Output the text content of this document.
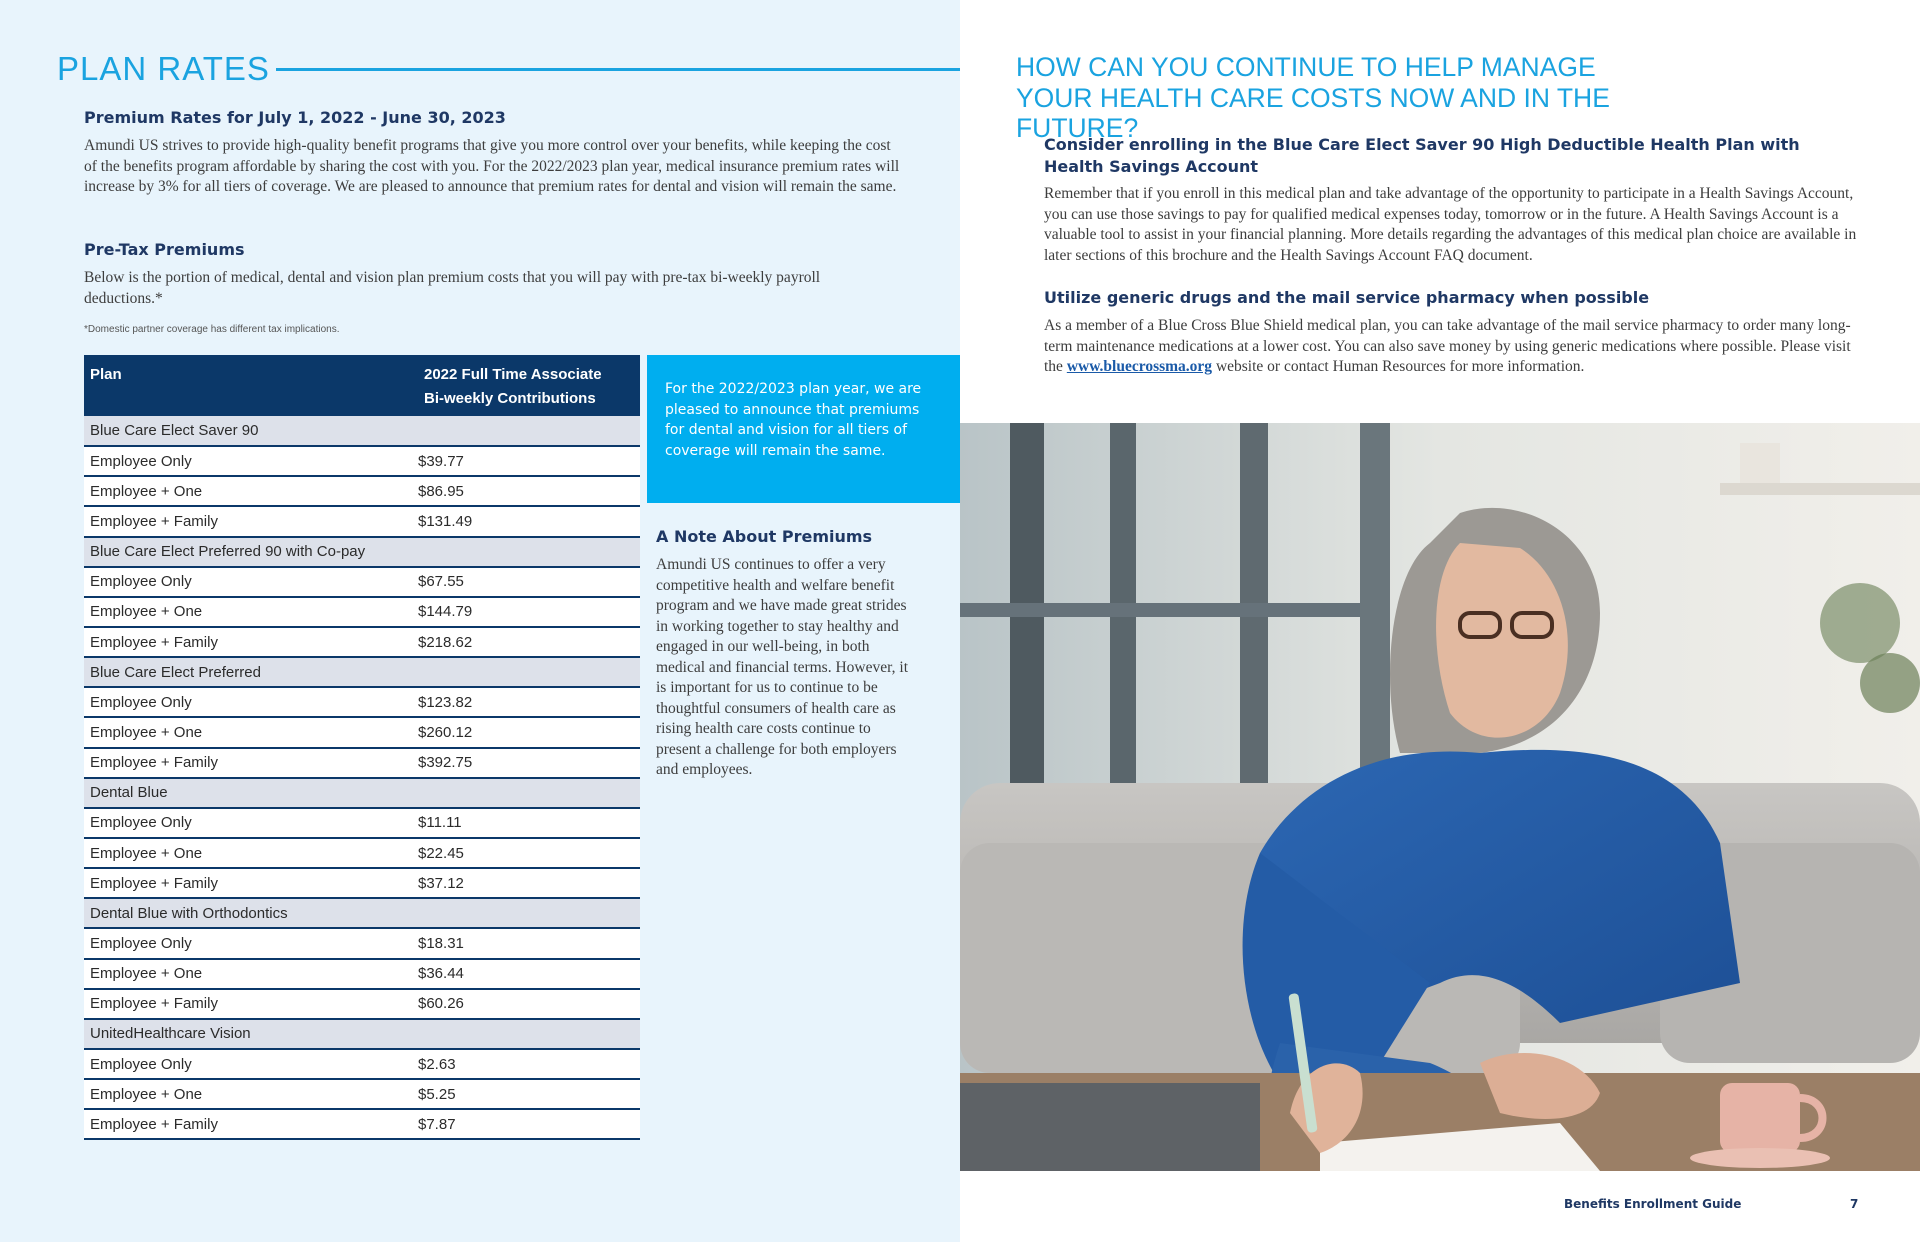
PLAN RATES
Premium Rates for July 1, 2022 - June 30, 2023

Amundi US strives to provide high-quality benefit programs that give you more control over your benefits, while keeping the cost of the benefits program affordable by sharing the cost with you. For the 2022/2023 plan year, medical insurance premium rates will increase by 3% for all tiers of coverage. We are pleased to announce that premium rates for dental and vision will remain the same.

Pre-Tax Premiums

Below is the portion of medical, dental and vision plan premium costs that you will pay with pre-tax bi-weekly payroll deductions.*

*Domestic partner coverage has different tax implications.
Plan	2022 Full Time Associate
Bi-weekly Contributions
Blue Care Elect Saver 90	
Employee Only	$39.77
Employee + One	$86.95
Employee + Family	$131.49
Blue Care Elect Preferred 90 with Co-pay	
Employee Only	$67.55
Employee + One	$144.79
Employee + Family	$218.62
Blue Care Elect Preferred	
Employee Only	$123.82
Employee + One	$260.12
Employee + Family	$392.75
Dental Blue	
Employee Only	$11.11
Employee + One	$22.45
Employee + Family	$37.12
Dental Blue with Orthodontics	
Employee Only	$18.31
Employee + One	$36.44
Employee + Family	$60.26
UnitedHealthcare Vision	
Employee Only	$2.63
Employee + One	$5.25
Employee + Family	$7.87

For the 2022/2023 plan year, we are pleased to announce that premiums for dental and vision for all tiers of coverage will remain the same.

A Note About Premiums

Amundi US continues to offer a very competitive health and welfare benefit program and we have made great strides in working together to stay healthy and engaged in our well-being, in both medical and financial terms. However, it is important for us to continue to be thoughtful consumers of health care as rising health care costs continue to present a challenge for both employers and employees.

HOW CAN YOU CONTINUE TO HELP MANAGE YOUR HEALTH CARE COSTS NOW AND IN THE FUTURE?
Consider enrolling in the Blue Care Elect Saver 90 High Deductible Health Plan with Health Savings Account

Remember that if you enroll in this medical plan and take advantage of the opportunity to participate in a Health Savings Account, you can use those savings to pay for qualified medical expenses today, tomorrow or in the future. A Health Savings Account is a valuable tool to assist in your financial planning. More details regarding the advantages of this medical plan choice are available in later sections of this brochure and the Health Savings Account FAQ document.

Utilize generic drugs and the mail service pharmacy when possible

As a member of a Blue Cross Blue Shield medical plan, you can take advantage of the mail service pharmacy to order many long-term maintenance medications at a lower cost. You can also save money by using generic medications where possible. Please visit the www.bluecrossma.org website or contact Human Resources for more information.

Benefits Enrollment Guide	7
